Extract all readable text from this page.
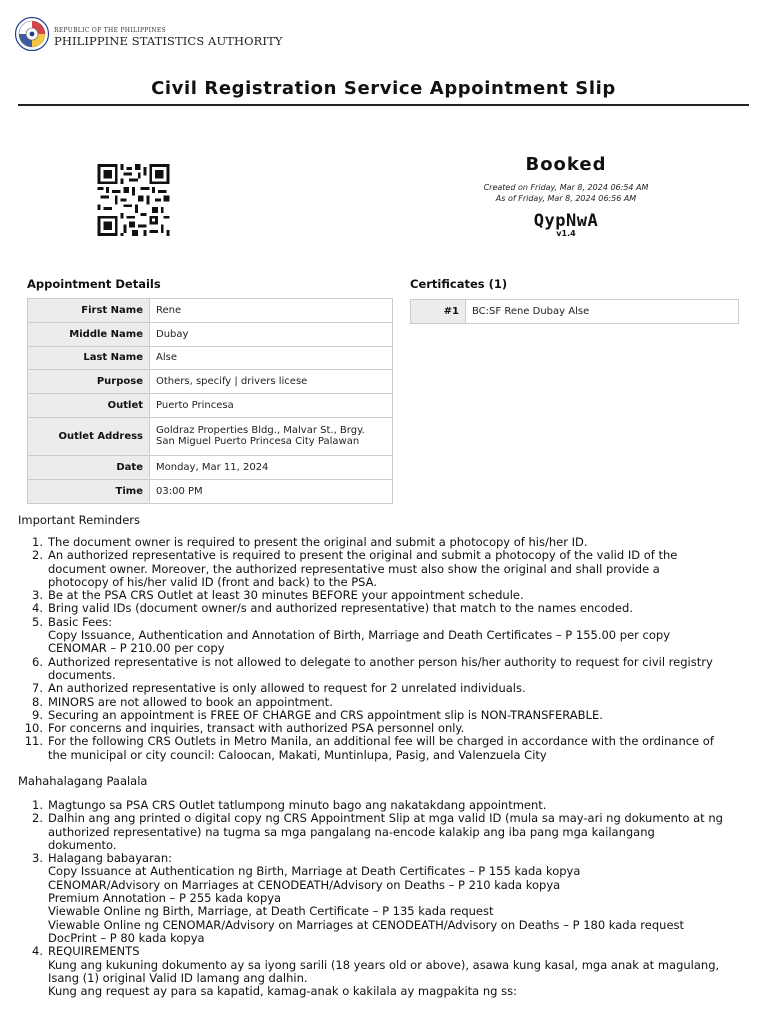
REPUBLIC OF THE PHILIPPINES
PHILIPPINE STATISTICS AUTHORITY
Civil Registration Service Appointment Slip
Booked
Created on Friday, Mar 8, 2024 06:54 AM
As of Friday, Mar 8, 2024 06:56 AM
QypNwA
v1.4
Appointment Details
First Name	Rene
Middle Name	Dubay
Last Name	Alse
Purpose	Others, specify | drivers licese
Outlet	Puerto Princesa
Outlet Address	Goldraz Properties Bldg., Malvar St., Brgy.
San Miguel Puerto Princesa City Palawan

Date	Monday, Mar 11, 2024
Time	03:00 PM
Certificates (1)
#1	BC:SF Rene Dubay Alse
Important Reminders
1. The document owner is required to present the original and submit a photocopy of his/her ID.
2. An authorized representative is required to present the original and submit a photocopy of the valid ID of the
document owner. Moreover, the authorized representative must also show the original and shall provide a
photocopy of his/her valid ID (front and back) to the PSA.
3. Be at the PSA CRS Outlet at least 30 minutes BEFORE your appointment schedule.
4. Bring valid IDs (document owner/s and authorized representative) that match to the names encoded.
5. Basic Fees:
Copy Issuance, Authentication and Annotation of Birth, Marriage and Death Certificates – P 155.00 per copy
CENOMAR – P 210.00 per copy
6. Authorized representative is not allowed to delegate to another person his/her authority to request for civil registry
documents.
7. An authorized representative is only allowed to request for 2 unrelated individuals.
8. MINORS are not allowed to book an appointment.
9. Securing an appointment is FREE OF CHARGE and CRS appointment slip is NON-TRANSFERABLE.
10. For concerns and inquiries, transact with authorized PSA personnel only.
11. For the following CRS Outlets in Metro Manila, an additional fee will be charged in accordance with the ordinance of
the municipal or city council: Caloocan, Makati, Muntinlupa, Pasig, and Valenzuela City
Mahahalagang Paalala
1. Magtungo sa PSA CRS Outlet tatlumpong minuto bago ang nakatakdang appointment.
2. Dalhin ang ang printed o digital copy ng CRS Appointment Slip at mga valid ID (mula sa may-ari ng dokumento at ng
authorized representative) na tugma sa mga pangalang na-encode kalakip ang iba pang mga kailangang
dokumento.
3. Halagang babayaran:
Copy Issuance at Authentication ng Birth, Marriage at Death Certificates – P 155 kada kopya
CENOMAR/Advisory on Marriages at CENODEATH/Advisory on Deaths – P 210 kada kopya
Premium Annotation – P 255 kada kopya
Viewable Online ng Birth, Marriage, at Death Certificate – P 135 kada request
Viewable Online ng CENOMAR/Advisory on Marriages at CENODEATH/Advisory on Deaths – P 180 kada request
DocPrint – P 80 kada kopya
4. REQUIREMENTS
Kung ang kukuning dokumento ay sa iyong sarili (18 years old or above), asawa kung kasal, mga anak at magulang,
Isang (1) original Valid ID lamang ang dalhin.
Kung ang request ay para sa kapatid, kamag-anak o kakilala ay magpakita ng ss:
